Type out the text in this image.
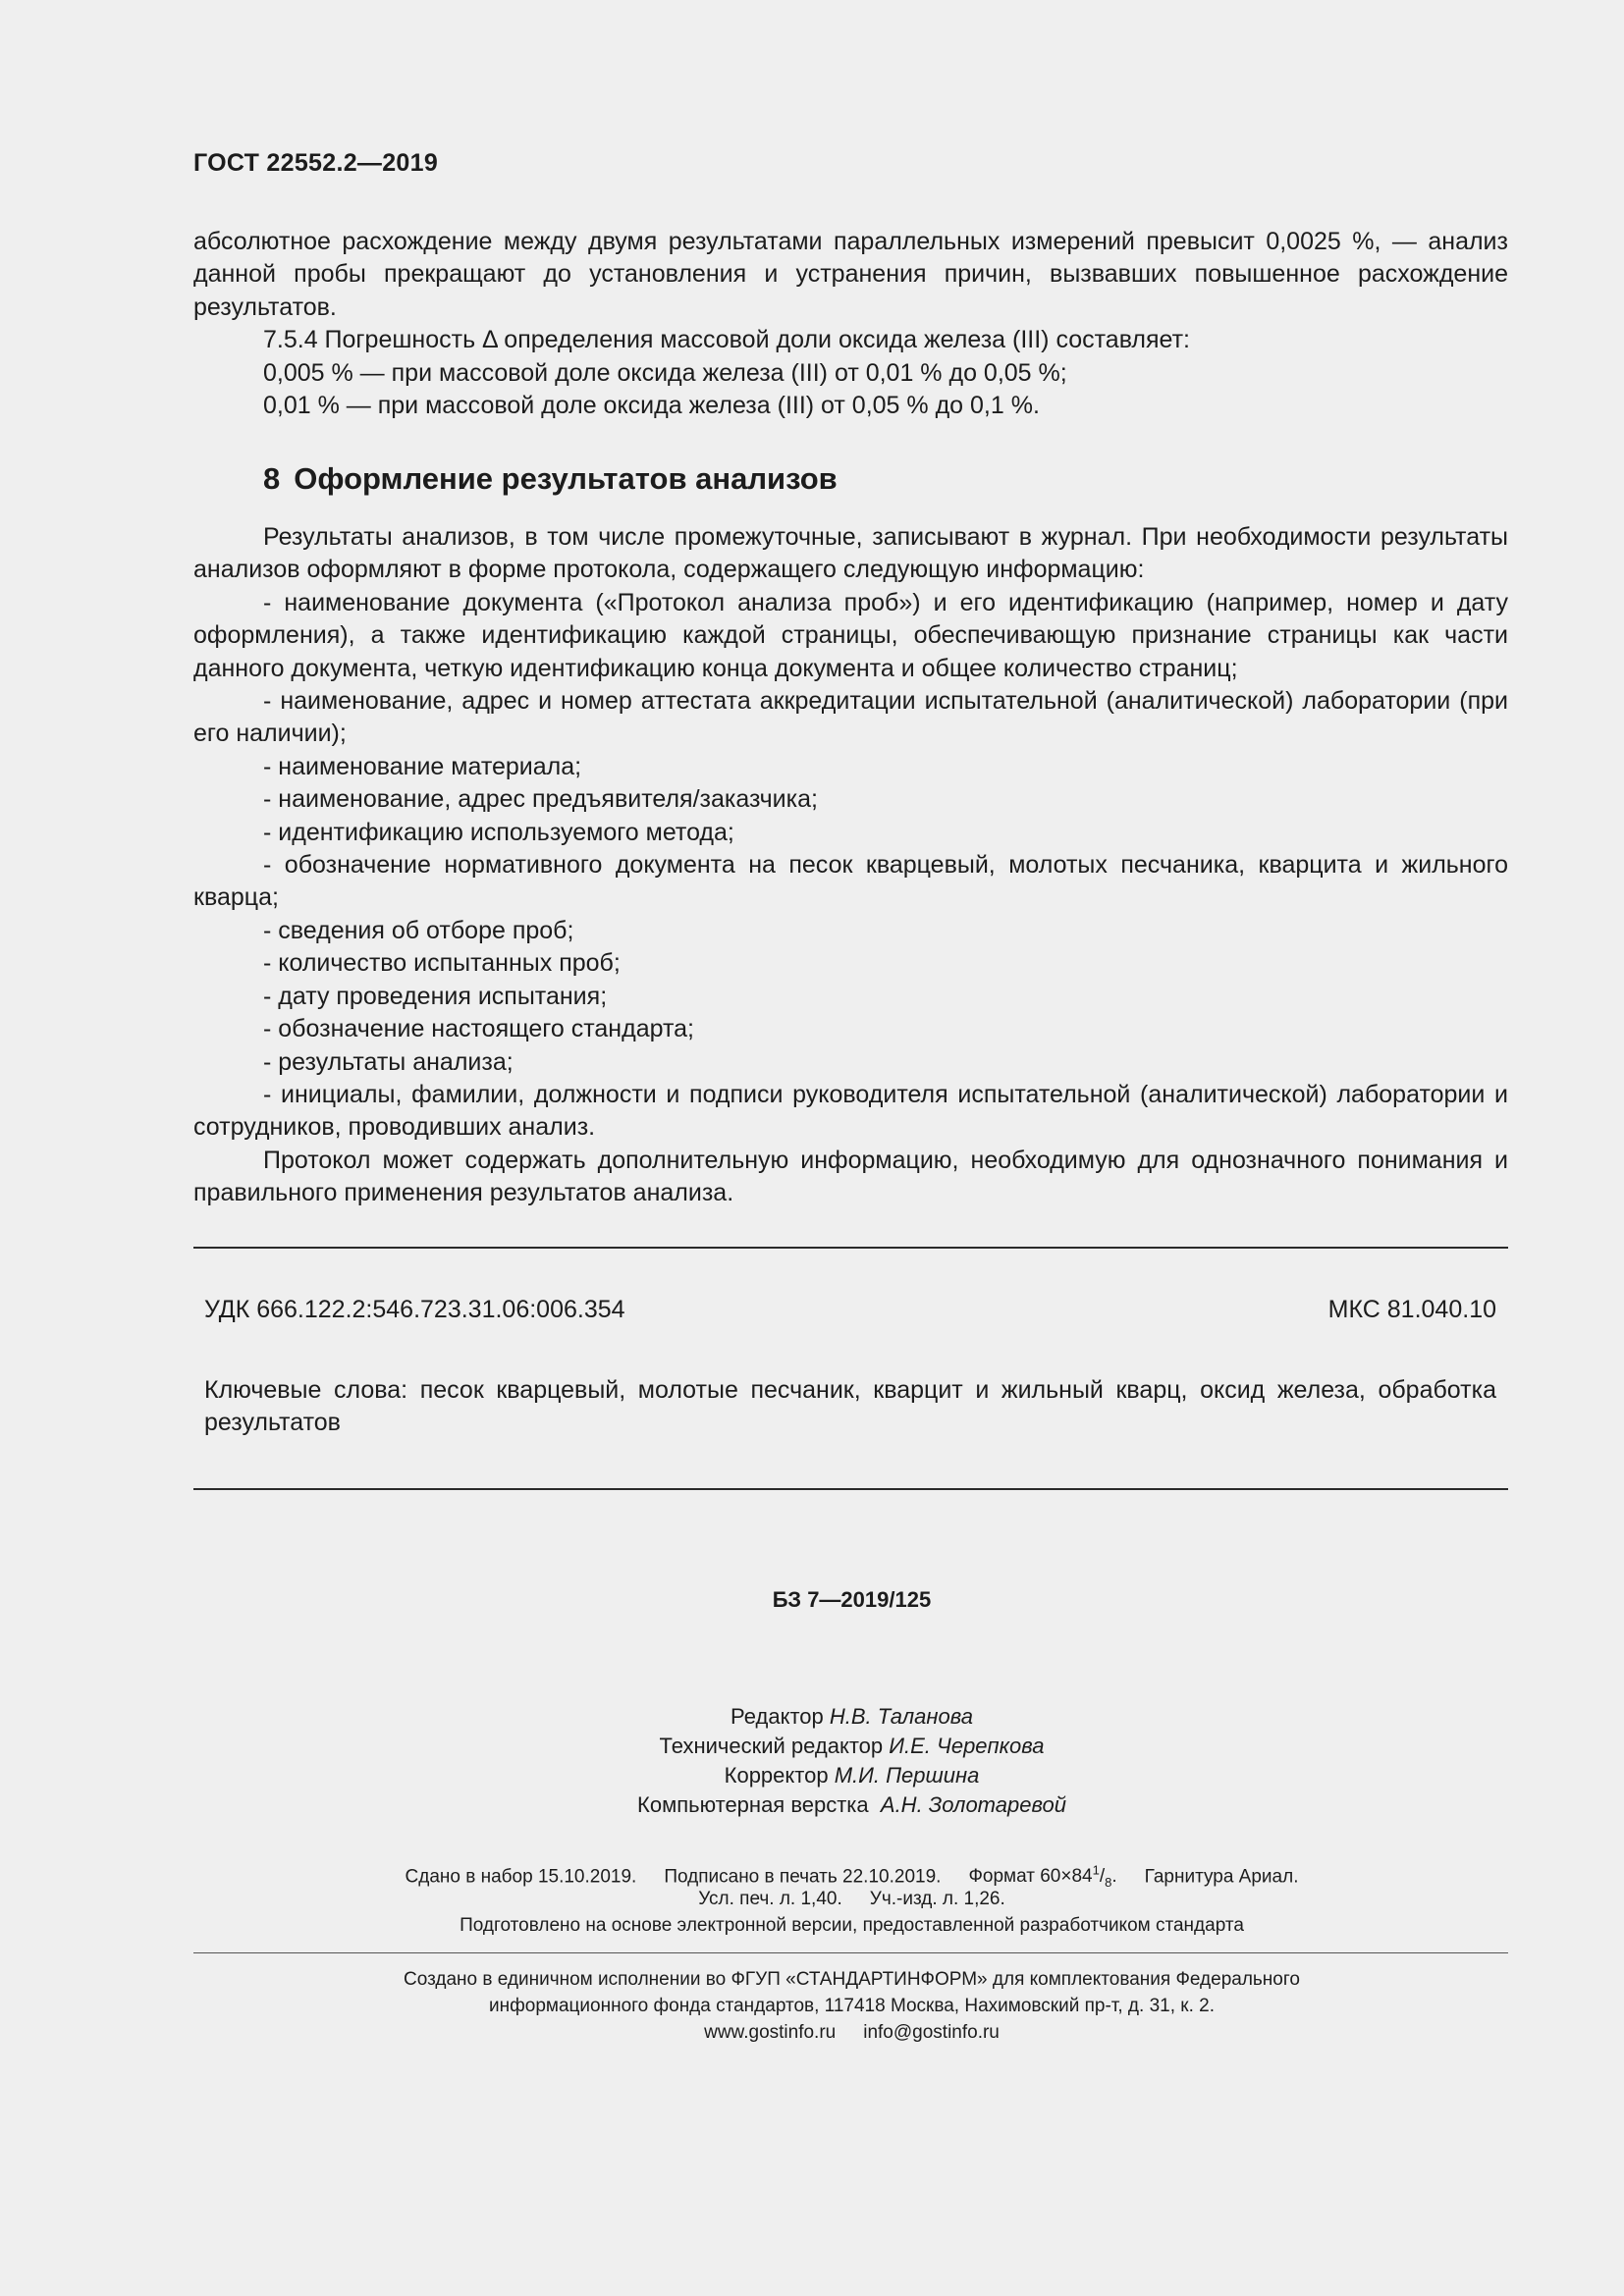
ГОСТ 22552.2—2019

абсолютное расхождение между двумя результатами параллельных измерений превысит 0,0025 %, — анализ данной пробы прекращают до установления и устранения причин, вызвавших повышенное расхождение результатов.

7.5.4 Погрешность Δ определения массовой доли оксида железа (III) составляет:

0,005 % — при массовой доле оксида железа (III) от 0,01 % до 0,05 %;

0,01 % — при массовой доле оксида железа (III) от 0,05 % до 0,1 %.

8 Оформление результатов анализов

Результаты анализов, в том числе промежуточные, записывают в журнал. При необходимости результаты анализов оформляют в форме протокола, содержащего следующую информацию:

- наименование документа («Протокол анализа проб») и его идентификацию (например, номер и дату оформления), а также идентификацию каждой страницы, обеспечивающую признание страницы как части данного документа, четкую идентификацию конца документа и общее количество страниц;

- наименование, адрес и номер аттестата аккредитации испытательной (аналитической) лаборатории (при его наличии);

- наименование материала;

- наименование, адрес предъявителя/заказчика;

- идентификацию используемого метода;

- обозначение нормативного документа на песок кварцевый, молотых песчаника, кварцита и жильного кварца;

- сведения об отборе проб;

- количество испытанных проб;

- дату проведения испытания;

- обозначение настоящего стандарта;

- результаты анализа;

- инициалы, фамилии, должности и подписи руководителя испытательной (аналитической) лаборатории и сотрудников, проводивших анализ.

Протокол может содержать дополнительную информацию, необходимую для однозначного понимания и правильного применения результатов анализа.

УДК 666.122.2:546.723.31.06:006.354	МКС 81.040.10
Ключевые слова: песок кварцевый, молотые песчаник, кварцит и жильный кварц, оксид железа, обработка результатов
БЗ 7—2019/125
Редактор Н.В. Таланова
Технический редактор И.Е. Черепкова
Корректор М.И. Першина
Компьютерная верстка А.Н. Золотаревой
Сдано в набор 15.10.2019. Подписано в печать 22.10.2019. Формат $60\times 84^1/_8$. Гарнитура Ариал.
Усл. печ. л. 1,40. Уч.-изд. л. 1,26.
Подготовлено на основе электронной версии, предоставленной разработчиком стандарта
Создано в единичном исполнении во ФГУП «СТАНДАРТИНФОРМ» для комплектования Федерального
информационного фонда стандартов, 117418 Москва, Нахимовский пр-т, д. 31, к. 2.
www.gostinfo.ru info@gostinfo.ru
